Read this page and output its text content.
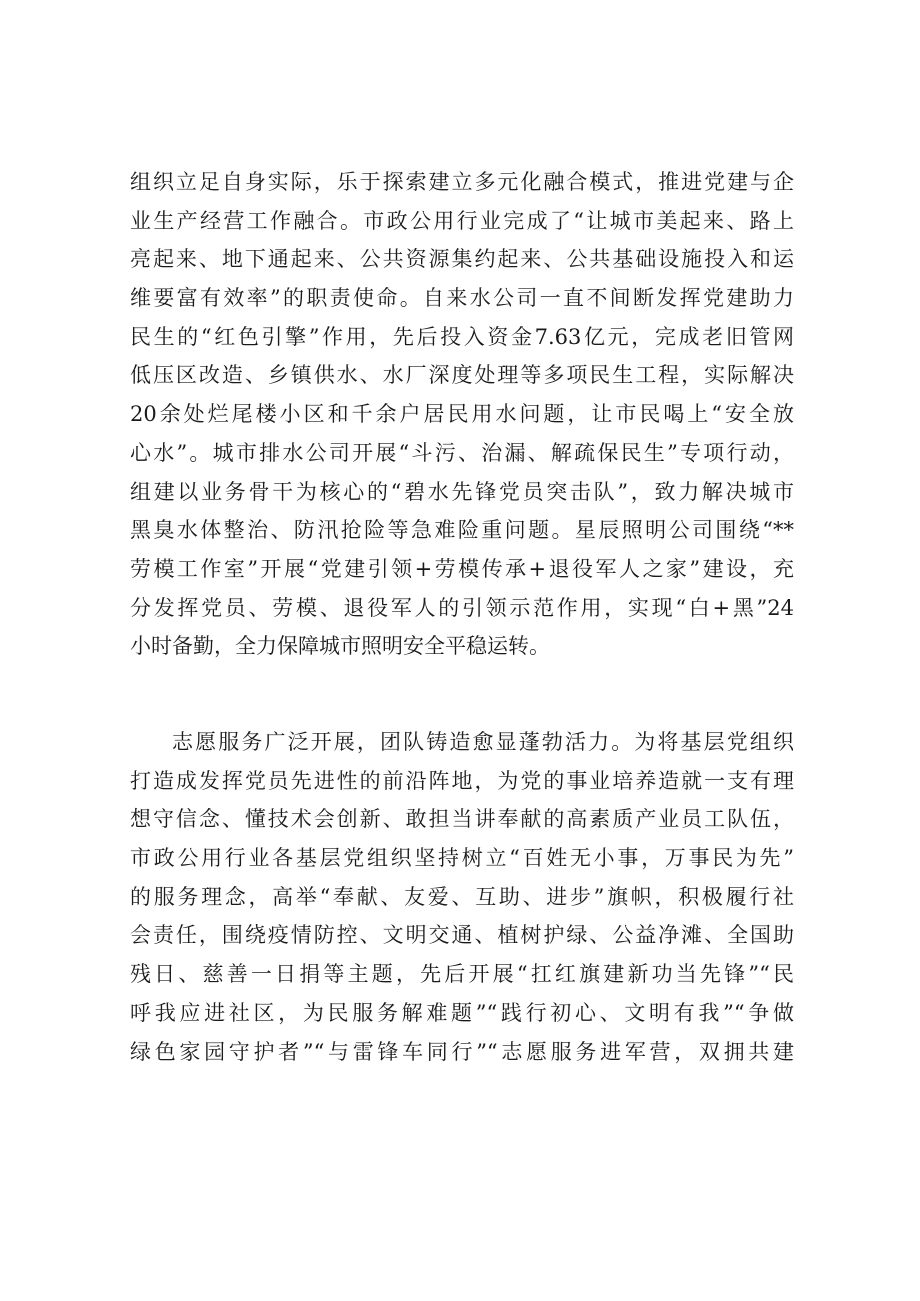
组织立足自身实际，乐于探索建立多元化融合模式，推进党建与企
业生产经营工作融合。市政公用行业完成了“让城市美起来、路上
亮起来、地下通起来、公共资源集约起来、公共基础设施投入和运
维要富有效率”的职责使命。自来水公司一直不间断发挥党建助力
民生的“红色引擎”作用，先后投入资金7.63亿元，完成老旧管网
低压区改造、乡镇供水、水厂深度处理等多项民生工程，实际解决
20余处烂尾楼小区和千余户居民用水问题，让市民喝上“安全放
心水”。城市排水公司开展“斗污、治漏、解疏保民生”专项行动，
组建以业务骨干为核心的“碧水先锋党员突击队”，致力解决城市
黑臭水体整治、防汛抢险等急难险重问题。星辰照明公司围绕“**
劳模工作室”开展“党建引领+劳模传承+退役军人之家”建设，充
分发挥党员、劳模、退役军人的引领示范作用，实现“白+黑”24
小时备勤，全力保障城市照明安全平稳运转。
志愿服务广泛开展，团队铸造愈显蓬勃活力。为将基层党组织
打造成发挥党员先进性的前沿阵地，为党的事业培养造就一支有理
想守信念、懂技术会创新、敢担当讲奉献的高素质产业员工队伍，
市政公用行业各基层党组织坚持树立“百姓无小事，万事民为先”
的服务理念，高举“奉献、友爱、互助、进步”旗帜，积极履行社
会责任，围绕疫情防控、文明交通、植树护绿、公益净滩、全国助
残日、慈善一日捐等主题，先后开展“扛红旗建新功当先锋”“民
呼我应进社区，为民服务解难题”“践行初心、文明有我”“争做
绿色家园守护者”“与雷锋车同行”“志愿服务进军营，双拥共建
